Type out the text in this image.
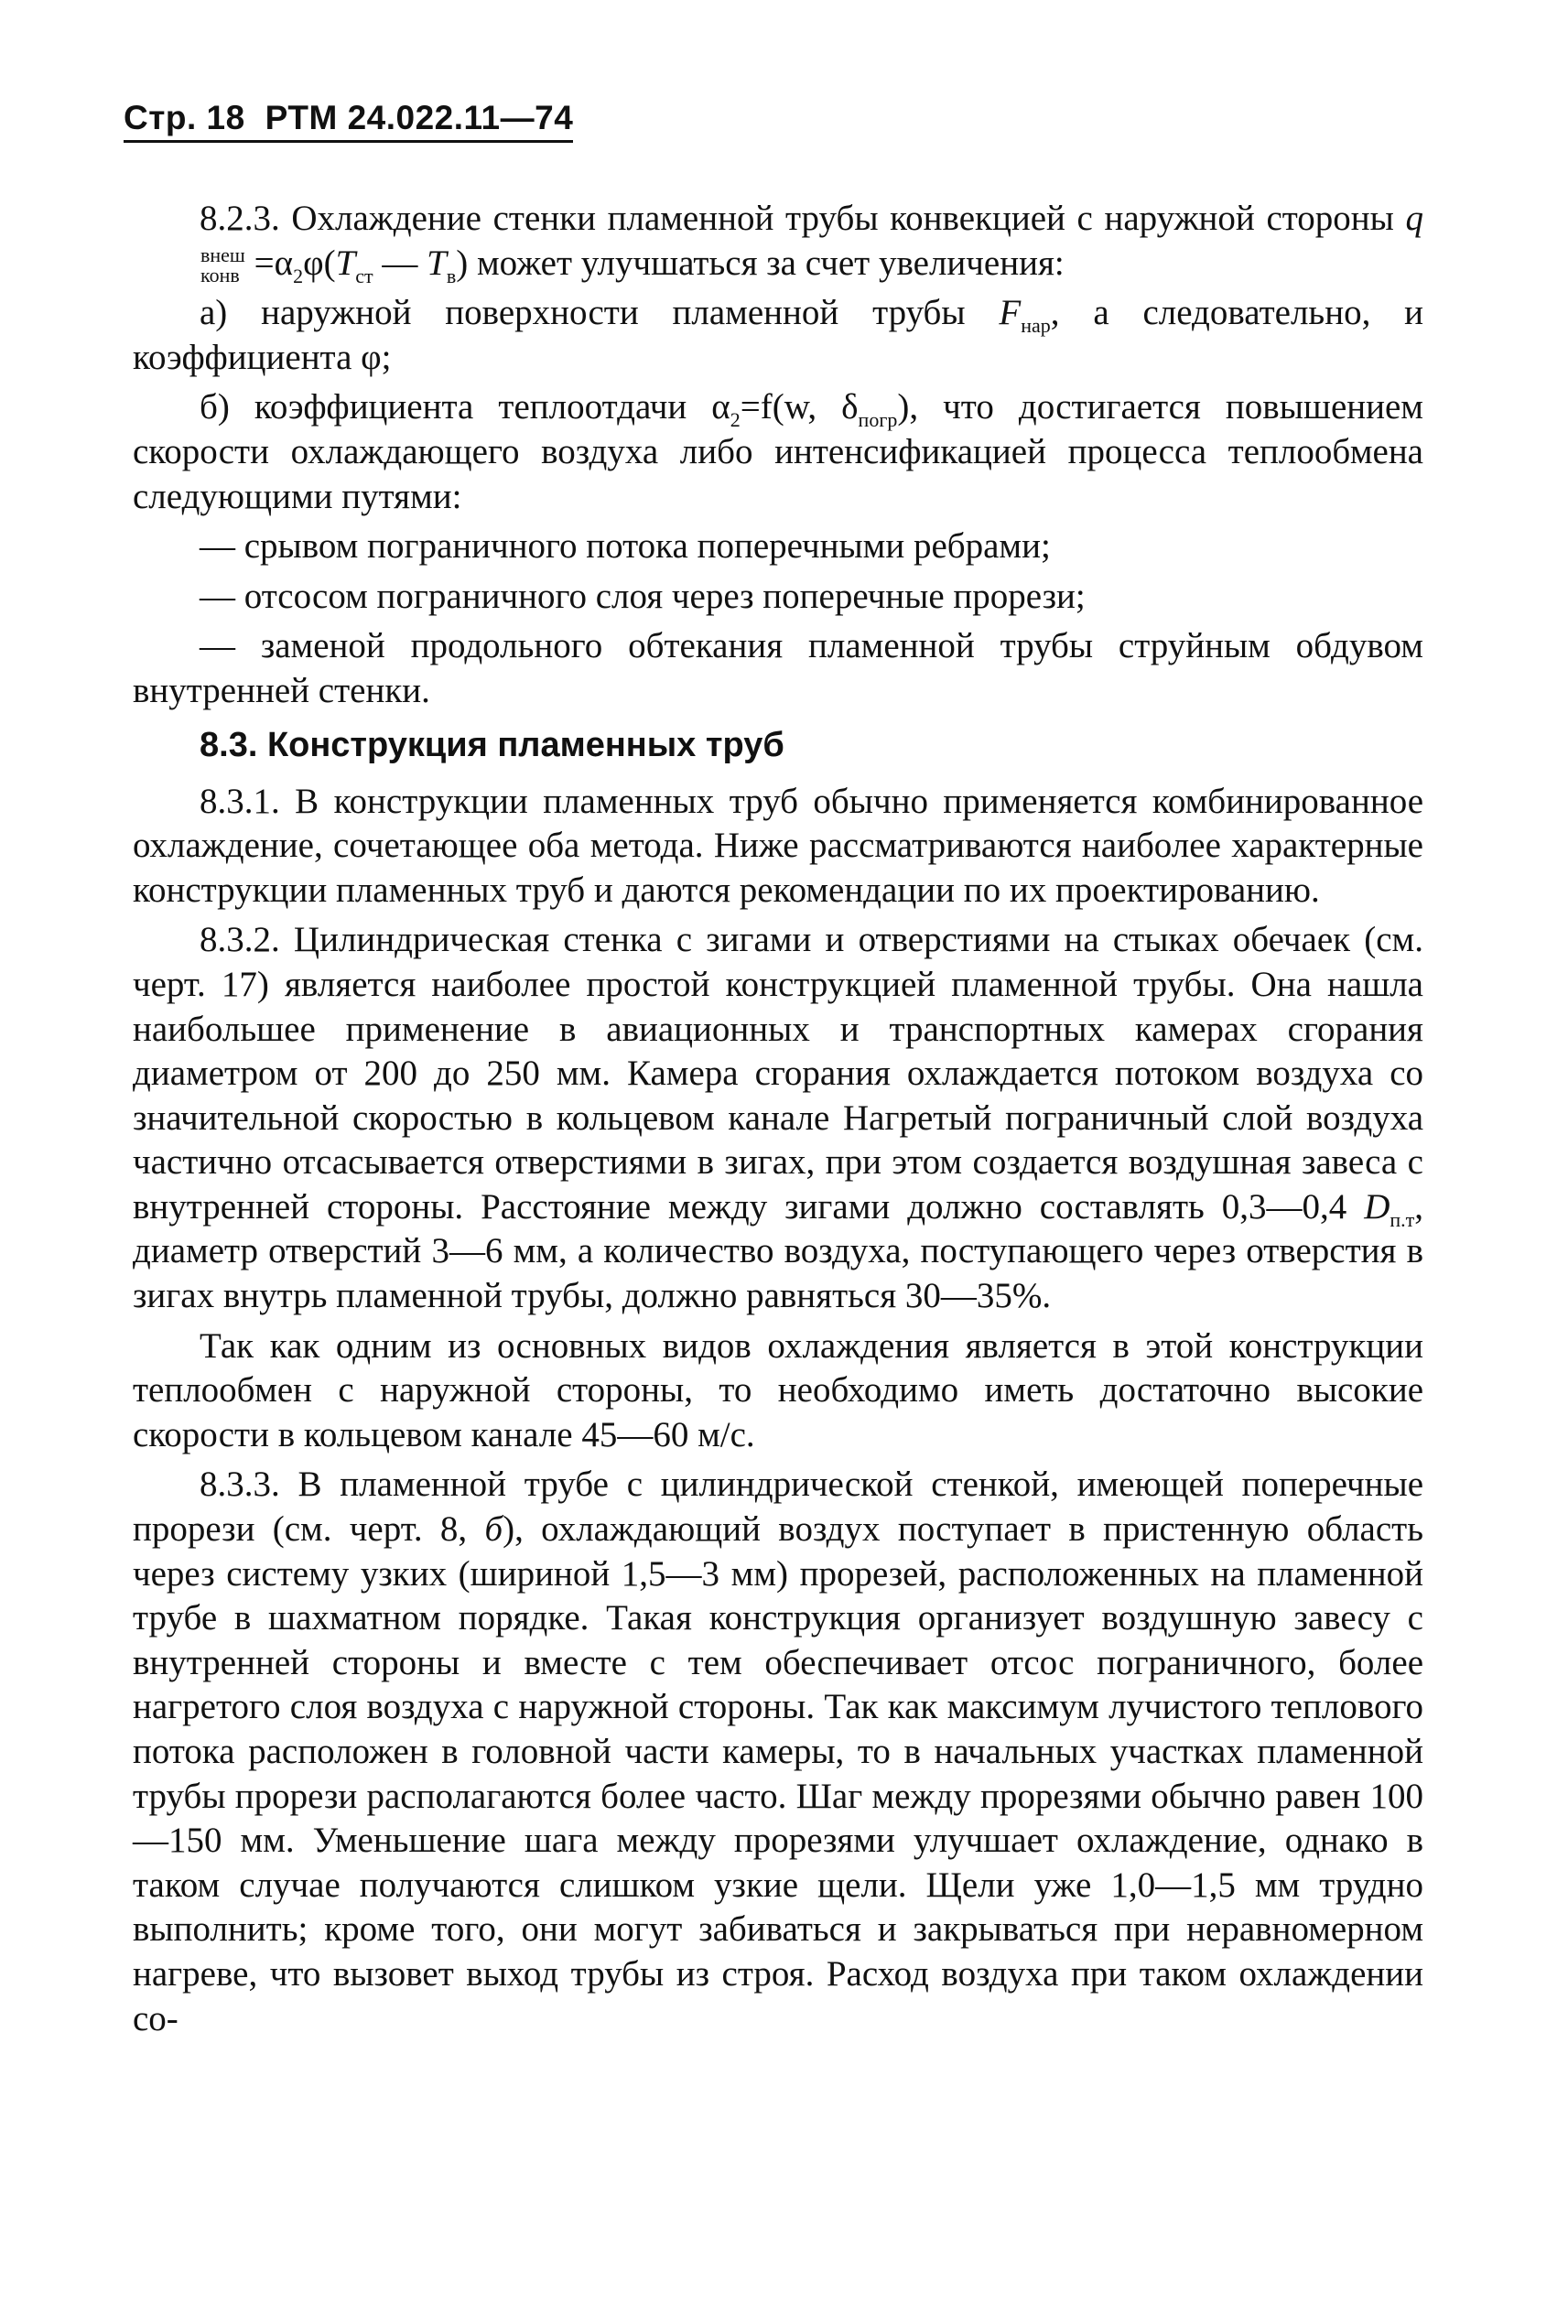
Стр. 18 РТМ 24.022.11—74

8.2.3. Охлаждение стенки пламенной трубы конвекцией с наружной стороны q
внеш
конв $=\alpha_2\varphi(T_{ст}$ — $T_в$) может улучшаться за счет увеличения:

а) наружной поверхности пламенной трубы $F_{нар}$, а следовательно, и коэффициента φ;

б) коэффициента теплоотдачи $\alpha_2=f(w$, $\delta_{погр}$), что достигается повышением скорости охлаждающего воздуха либо интенсификацией процесса теплообмена следующими путями:

— срывом пограничного потока поперечными ребрами;

— отсосом пограничного слоя через поперечные прорези;

— заменой продольного обтекания пламенной трубы струйным обдувом внутренней стенки.

8.3. Конструкция пламенных труб

8.3.1. В конструкции пламенных труб обычно применяется комбинированное охлаждение, сочетающее оба метода. Ниже рассматриваются наиболее характерные конструкции пламенных труб и даются рекомендации по их проектированию.

8.3.2. Цилиндрическая стенка с зигами и отверстиями на стыках обечаек (см. черт. 17) является наиболее простой конструкцией пламенной трубы. Она нашла наибольшее применение в авиационных и транспортных камерах сгорания диаметром от 200 до 250 мм. Камера сгорания охлаждается потоком воздуха со значительной скоростью в кольцевом канале Нагретый пограничный слой воздуха частично отсасывается отверстиями в зигах, при этом создается воздушная завеса с внутренней стороны. Расстояние между зигами должно составлять 0,3—0,4 $D_{п.т}$, диаметр отверстий 3—6 мм, а количество воздуха, поступающего через отверстия в зигах внутрь пламенной трубы, должно равняться 30—35%.

Так как одним из основных видов охлаждения является в этой конструкции теплообмен с наружной стороны, то необходимо иметь достаточно высокие скорости в кольцевом канале 45—60 м/с.

8.3.3. В пламенной трубе с цилиндрической стенкой, имеющей поперечные прорези (см. черт. 8, б), охлаждающий воздух поступает в пристенную область через систему узких (шириной 1,5—3 мм) прорезей, расположенных на пламенной трубе в шахматном порядке. Такая конструкция организует воздушную завесу с внутренней стороны и вместе с тем обеспечивает отсос пограничного, более нагретого слоя воздуха с наружной стороны. Так как максимум лучистого теплового потока расположен в головной части камеры, то в начальных участках пламенной трубы прорези располагаются более часто. Шаг между прорезями обычно равен 100—150 мм. Уменьшение шага между прорезями улучшает охлаждение, однако в таком случае получаются слишком узкие щели. Щели уже 1,0—1,5 мм трудно выполнить; кроме того, они могут забиваться и закрываться при неравномерном нагреве, что вызовет выход трубы из строя. Расход воздуха при таком охлаждении со-
